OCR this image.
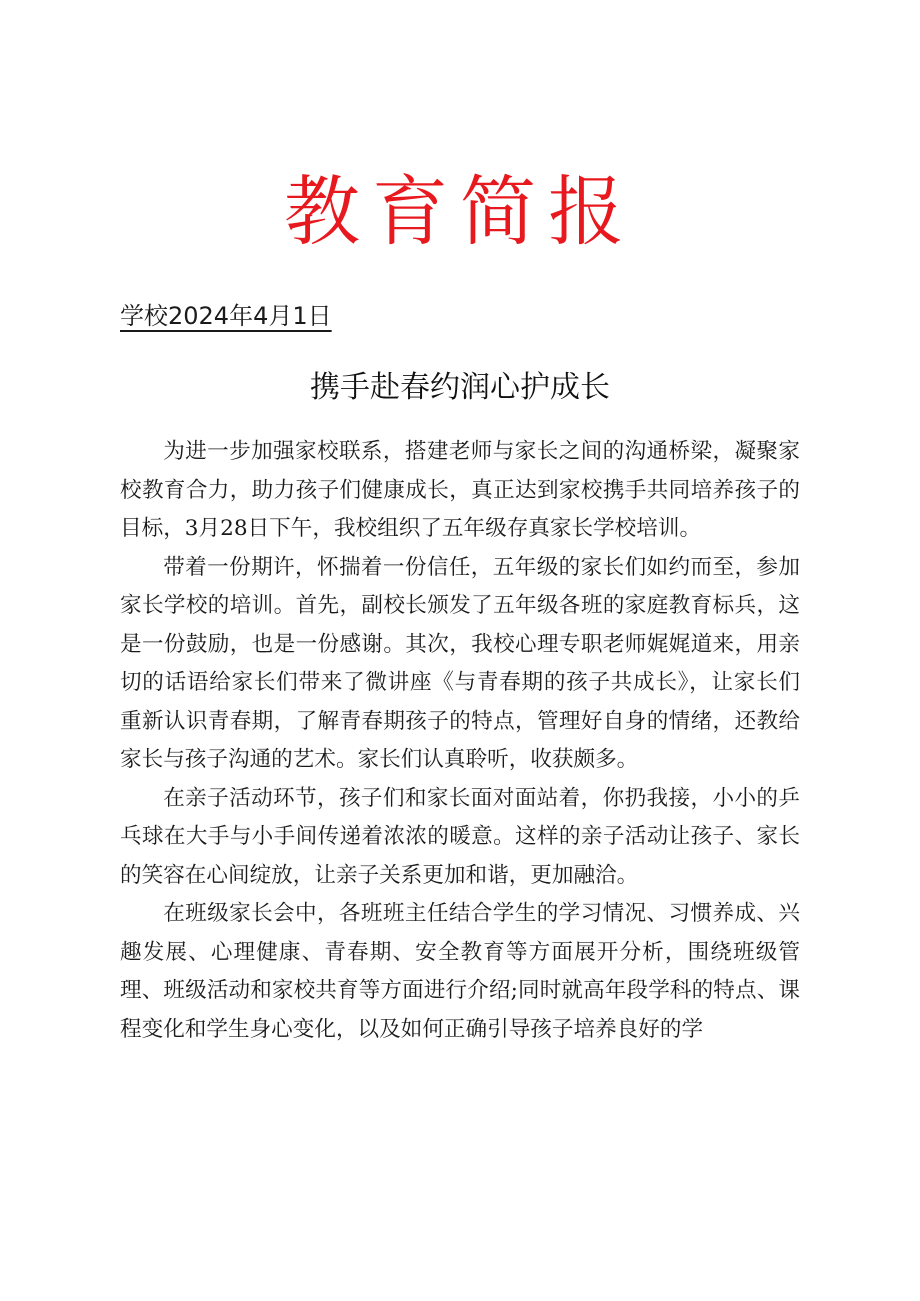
教育简报
学校2024年4月1日
携手赴春约润心护成长

为进一步加强家校联系，搭建老师与家长之间的沟通桥梁，凝聚家校教育合力，助力孩子们健康成长，真正达到家校携手共同培养孩子的目标，3月28日下午，我校组织了五年级存真家长学校培训。

带着一份期许，怀揣着一份信任，五年级的家长们如约而至，参加家长学校的培训。首先，副校长颁发了五年级各班的家庭教育标兵，这是一份鼓励，也是一份感谢。其次，我校心理专职老师娓娓道来，用亲切的话语给家长们带来了微讲座《与青春期的孩子共成长》，让家长们重新认识青春期，了解青春期孩子的特点，管理好自身的情绪，还教给家长与孩子沟通的艺术。家长们认真聆听，收获颇多。

在亲子活动环节，孩子们和家长面对面站着，你扔我接，小小的乒乓球在大手与小手间传递着浓浓的暖意。这样的亲子活动让孩子、家长的笑容在心间绽放，让亲子关系更加和谐，更加融洽。

在班级家长会中，各班班主任结合学生的学习情况、习惯养成、兴趣发展、心理健康、青春期、安全教育等方面展开分析，围绕班级管理、班级活动和家校共育等方面进行介绍;同时就高年段学科的特点、课程变化和学生身心变化，以及如何正确引导孩子培养良好的学
